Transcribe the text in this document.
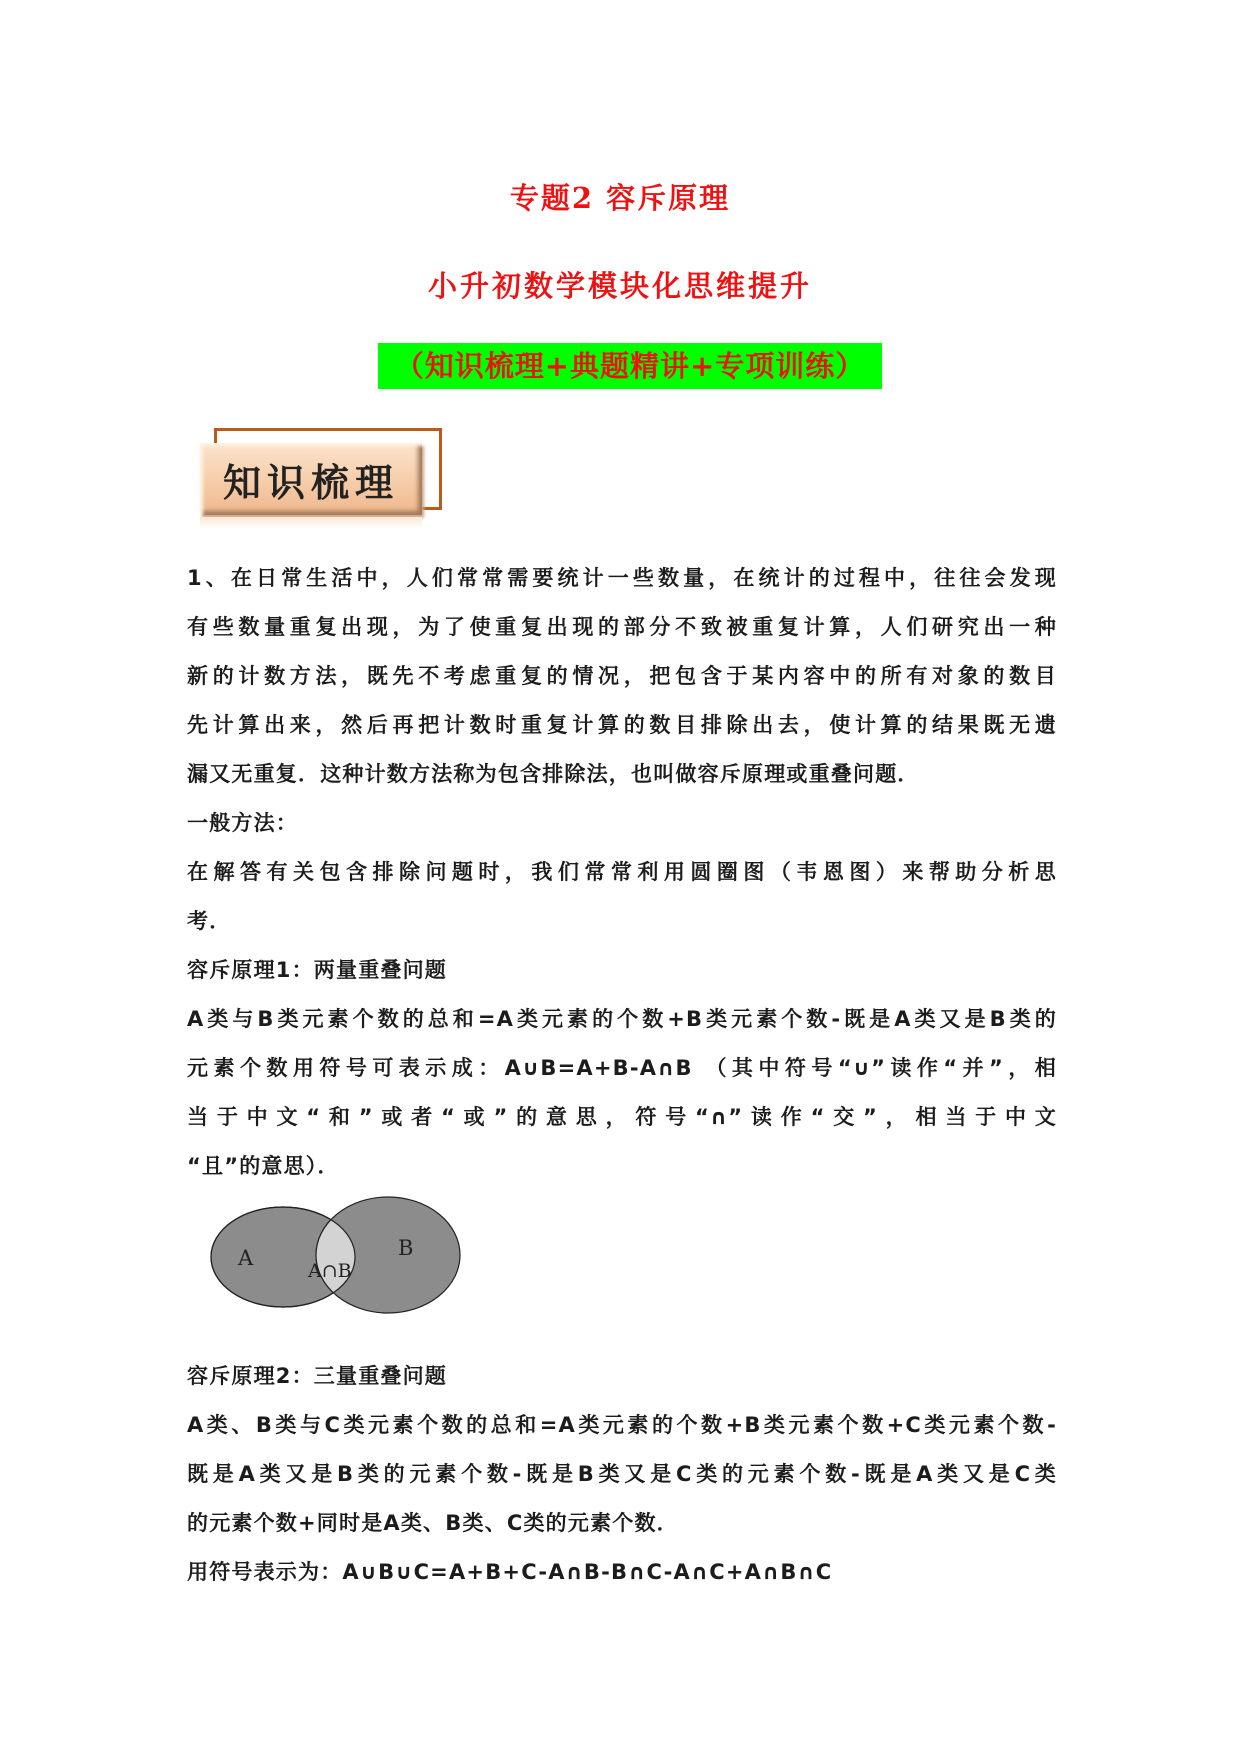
专题2 容斥原理
小升初数学模块化思维提升
（知识梳理+典题精讲+专项训练）
知识梳理
1、在日常生活中，人们常常需要统计一些数量，在统计的过程中，往往会发现
有些数量重复出现，为了使重复出现的部分不致被重复计算，人们研究出一种
新的计数方法，既先不考虑重复的情况，把包含于某内容中的所有对象的数目
先计算出来，然后再把计数时重复计算的数目排除出去，使计算的结果既无遗
漏又无重复．这种计数方法称为包含排除法，也叫做容斥原理或重叠问题．
一般方法：
在解答有关包含排除问题时，我们常常利用圆圈图（韦恩图）来帮助分析思
考．
容斥原理1：两量重叠问题
A类与B类元素个数的总和=A类元素的个数+B类元素个数-既是A类又是B类的
元素个数用符号可表示成：A∪B=A+B-A∩B （其中符号“∪”读作“并”，相
当于中文“和”或者“或”的意思，符号“∩”读作“交”，相当于中文
“且”的意思）．
A	B
A∩B
容斥原理2：三量重叠问题
A类、B类与C类元素个数的总和=A类元素的个数+B类元素个数+C类元素个数-
既是A类又是B类的元素个数-既是B类又是C类的元素个数-既是A类又是C类
的元素个数+同时是A类、B类、C类的元素个数．
用符号表示为：A∪B∪C=A+B+C-A∩B-B∩C-A∩C+A∩B∩C
